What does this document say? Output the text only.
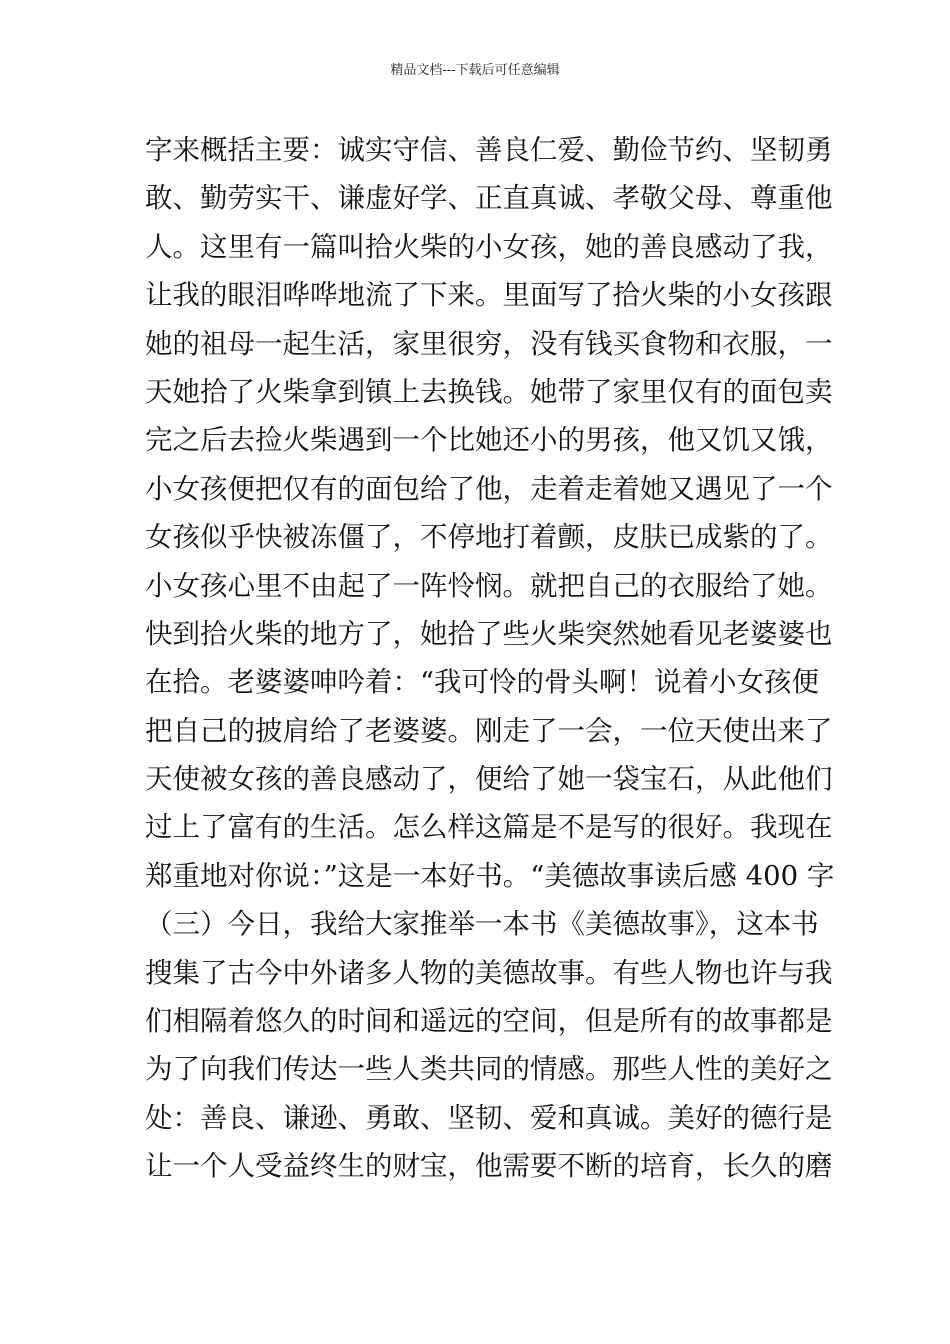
精品文档---下载后可任意编辑
字来概括主要：诚实守信、善良仁爱、勤俭节约、坚韧勇
敢、勤劳实干、谦虚好学、正直真诚、孝敬父母、尊重他
人。这里有一篇叫拾火柴的小女孩，她的善良感动了我，
让我的眼泪哗哗地流了下来。里面写了拾火柴的小女孩跟
她的祖母一起生活，家里很穷，没有钱买食物和衣服，一
天她拾了火柴拿到镇上去换钱。她带了家里仅有的面包卖
完之后去捡火柴遇到一个比她还小的男孩，他又饥又饿，
小女孩便把仅有的面包给了他，走着走着她又遇见了一个
女孩似乎快被冻僵了，不停地打着颤，皮肤已成紫的了。
小女孩心里不由起了一阵怜悯。就把自己的衣服给了她。
快到拾火柴的地方了，她拾了些火柴突然她看见老婆婆也
在拾。老婆婆呻吟着：“我可怜的骨头啊！说着小女孩便
把自己的披肩给了老婆婆。刚走了一会，一位天使出来了
天使被女孩的善良感动了，便给了她一袋宝石，从此他们
过上了富有的生活。怎么样这篇是不是写的很好。我现在
郑重地对你说：”这是一本好书。“美德故事读后感 400 字
（三）今日，我给大家推举一本书《美德故事》，这本书
搜集了古今中外诸多人物的美德故事。有些人物也许与我
们相隔着悠久的时间和遥远的空间，但是所有的故事都是
为了向我们传达一些人类共同的情感。那些人性的美好之
处：善良、谦逊、勇敢、坚韧、爱和真诚。美好的德行是
让一个人受益终生的财宝，他需要不断的培育，长久的磨
